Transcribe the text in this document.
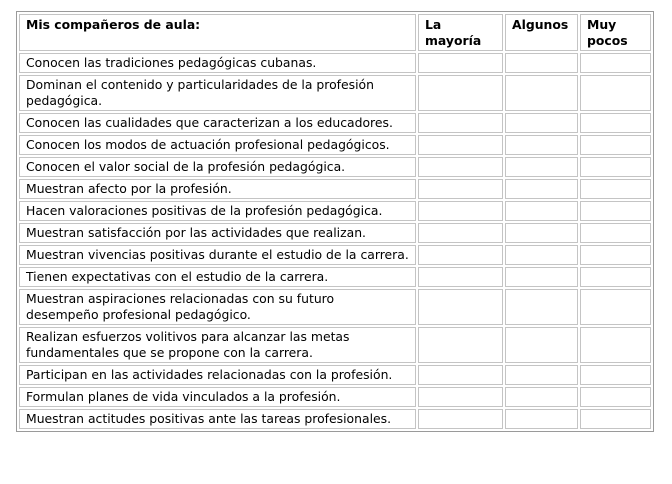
Mis compañeros de aula:	La mayoría	Algunos	Muy pocos
Conocen las tradiciones pedagógicas cubanas.			
Dominan el contenido y particularidades de la profesión pedagógica.			
Conocen las cualidades que caracterizan a los educadores.			
Conocen los modos de actuación profesional pedagógicos.			
Conocen el valor social de la profesión pedagógica.			
Muestran afecto por la profesión.			
Hacen valoraciones positivas de la profesión pedagógica.			
Muestran satisfacción por las actividades que realizan.			
Muestran vivencias positivas durante el estudio de la carrera.			
Tienen expectativas con el estudio de la carrera.			
Muestran aspiraciones relacionadas con su futuro desempeño profesional pedagógico.			
Realizan esfuerzos volitivos para alcanzar las metas fundamentales que se propone con la carrera.			
Participan en las actividades relacionadas con la profesión.			
Formulan planes de vida vinculados a la profesión.			
Muestran actitudes positivas ante las tareas profesionales.			
